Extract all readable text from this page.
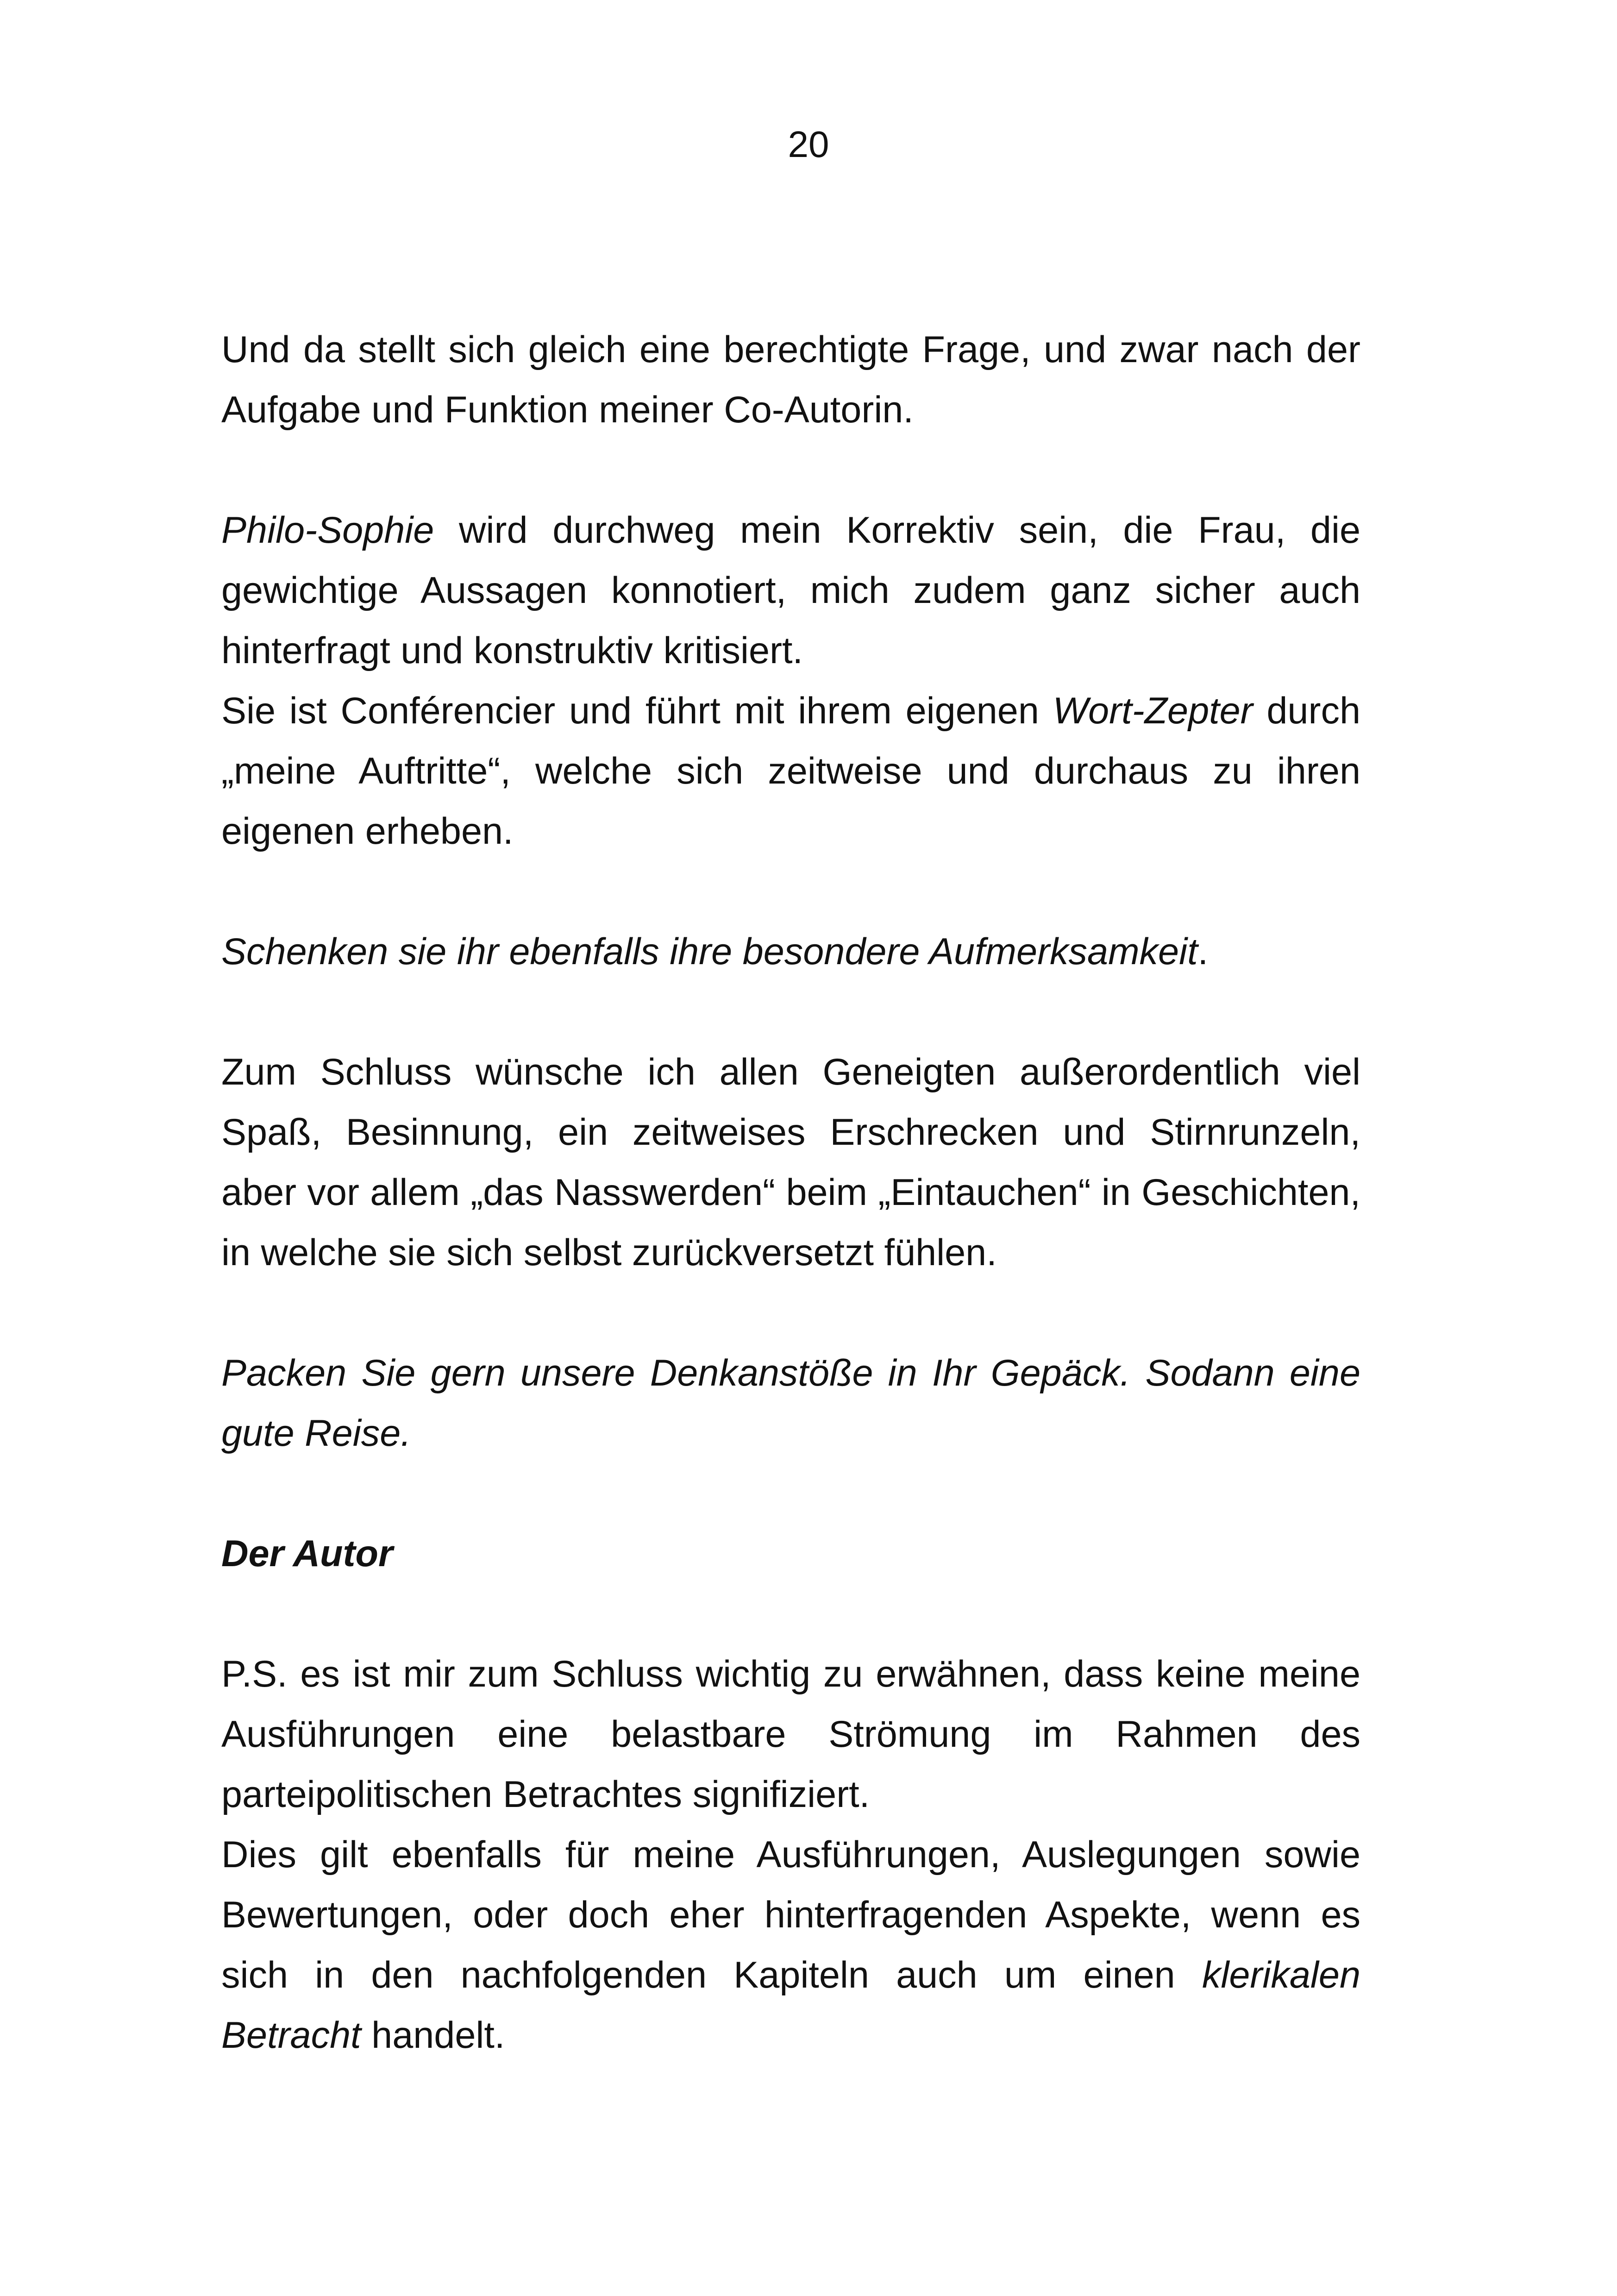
20

Und da stellt sich gleich eine berechtigte Frage, und zwar nach der Aufgabe und Funktion meiner Co-Autorin.

Philo-Sophie wird durchweg mein Korrektiv sein, die Frau, die gewichtige Aussagen konnotiert, mich zudem ganz sicher auch hinterfragt und konstruktiv kritisiert.

Sie ist Conférencier und führt mit ihrem eigenen Wort-Zepter durch „meine Auftritte“, welche sich zeitweise und durchaus zu ihren eigenen erheben.

Schenken sie ihr ebenfalls ihre besondere Aufmerksamkeit.

Zum Schluss wünsche ich allen Geneigten außerordentlich viel Spaß, Besinnung, ein zeitweises Erschrecken und Stirnrunzeln, aber vor allem „das Nasswerden“ beim „Eintauchen“ in Geschichten, in welche sie sich selbst zurückversetzt fühlen.

Packen Sie gern unsere Denkanstöße in Ihr Gepäck. Sodann eine gute Reise.

Der Autor

P.S. es ist mir zum Schluss wichtig zu erwähnen, dass keine meine Ausführungen eine belastbare Strömung im Rahmen des parteipolitischen Betrachtes signifiziert.

Dies gilt ebenfalls für meine Ausführungen, Auslegungen sowie Bewertungen, oder doch eher hinterfragenden Aspekte, wenn es sich in den nachfolgenden Kapiteln auch um einen klerikalen Betracht handelt.
